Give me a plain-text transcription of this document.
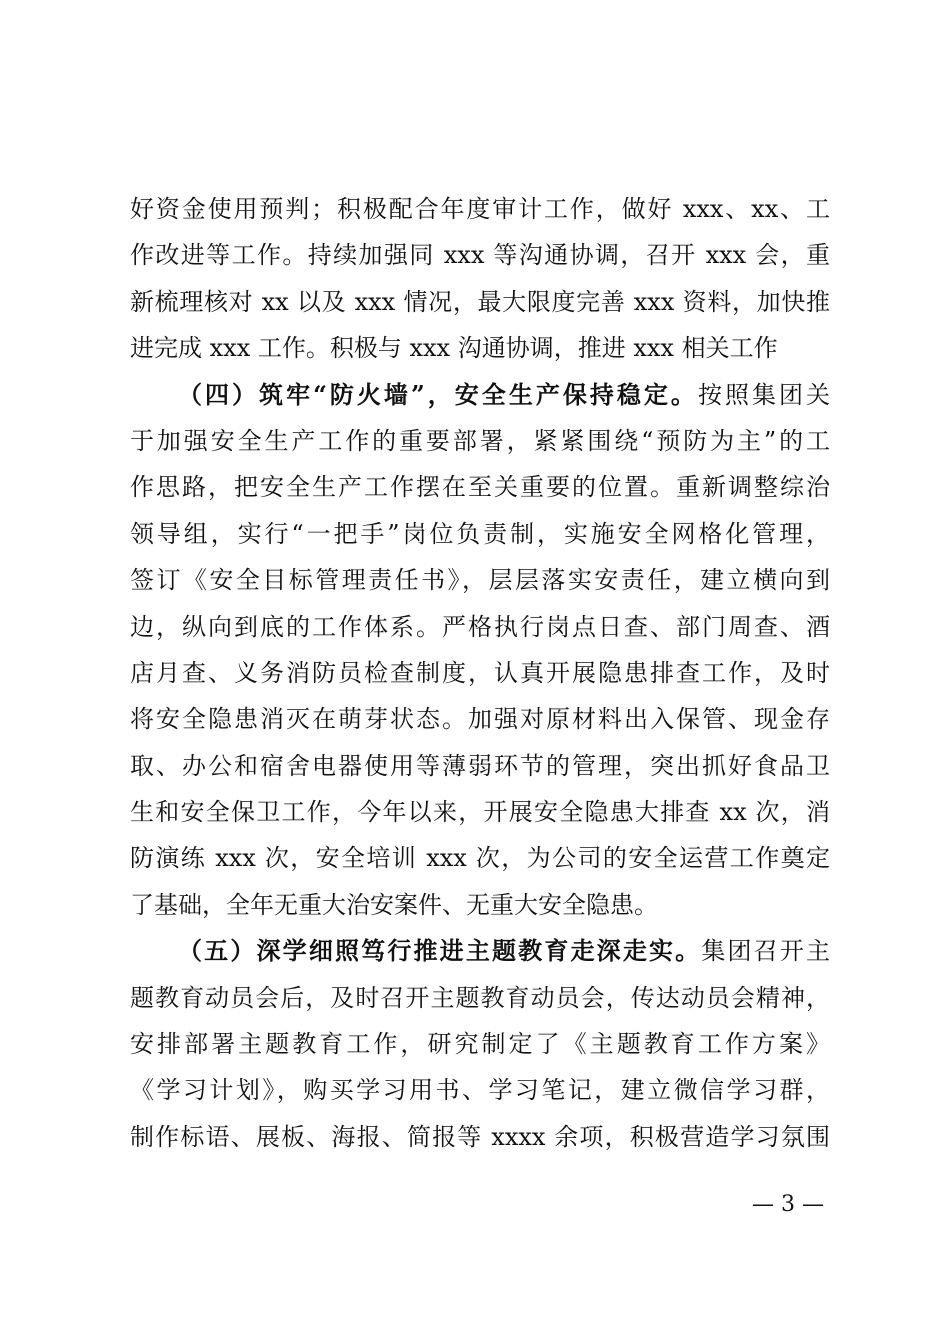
好资金使用预判；积极配合年度审计工作，做好 xxx、xx、工
作改进等工作。持续加强同 xxx 等沟通协调，召开 xxx 会，重
新梳理核对 xx 以及 xxx 情况，最大限度完善 xxx 资料，加快推
进完成 xxx 工作。积极与 xxx 沟通协调，推进 xxx 相关工作
（四）筑牢“防火墙”，安全生产保持稳定。按照集团关
于加强安全生产工作的重要部署，紧紧围绕“预防为主”的工
作思路，把安全生产工作摆在至关重要的位置。重新调整综治
领导组，实行“一把手”岗位负责制，实施安全网格化管理，
签订《安全目标管理责任书》，层层落实安责任，建立横向到
边，纵向到底的工作体系。严格执行岗点日查、部门周查、酒
店月查、义务消防员检查制度，认真开展隐患排查工作，及时
将安全隐患消灭在萌芽状态。加强对原材料出入保管、现金存
取、办公和宿舍电器使用等薄弱环节的管理，突出抓好食品卫
生和安全保卫工作，今年以来，开展安全隐患大排查 xx 次，消
防演练 xxx 次，安全培训 xxx 次，为公司的安全运营工作奠定
了基础，全年无重大治安案件、无重大安全隐患。
（五）深学细照笃行推进主题教育走深走实。集团召开主
题教育动员会后，及时召开主题教育动员会，传达动员会精神，
安排部署主题教育工作，研究制定了《主题教育工作方案》
《学习计划》，购买学习用书、学习笔记，建立微信学习群，
制作标语、展板、海报、简报等 xxxx 余项，积极营造学习氛围
— 3 —
